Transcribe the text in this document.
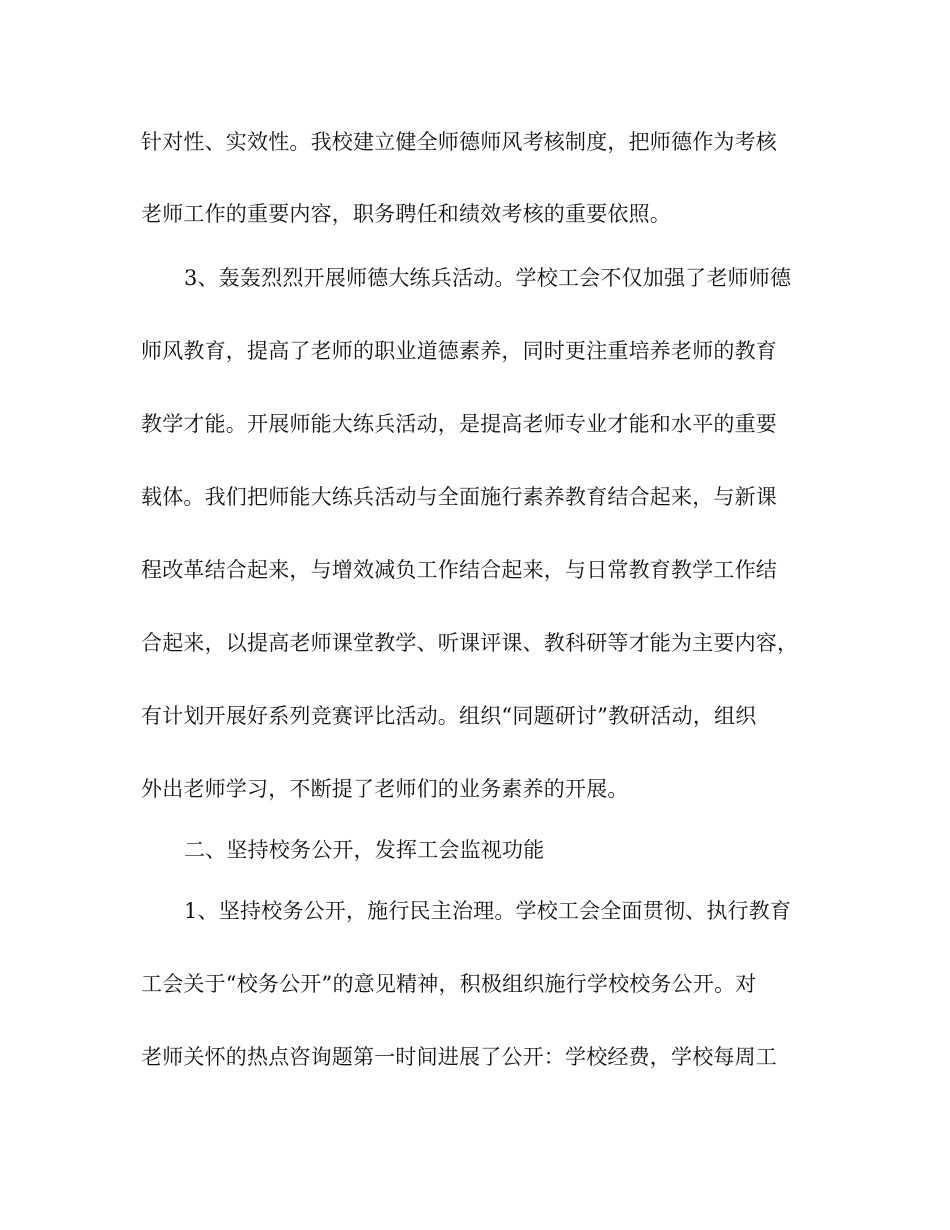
针对性、实效性。我校建立健全师德师风考核制度，把师德作为考核
老师工作的重要内容，职务聘任和绩效考核的重要依照。
3、轰轰烈烈开展师德大练兵活动。学校工会不仅加强了老师师德
师风教育，提高了老师的职业道德素养，同时更注重培养老师的教育
教学才能。开展师能大练兵活动，是提高老师专业才能和水平的重要
载体。我们把师能大练兵活动与全面施行素养教育结合起来，与新课
程改革结合起来，与增效减负工作结合起来，与日常教育教学工作结
合起来，以提高老师课堂教学、听课评课、教科研等才能为主要内容，
有计划开展好系列竞赛评比活动。组织“同题研讨”教研活动，组织
外出老师学习，不断提了老师们的业务素养的开展。
二、坚持校务公开，发挥工会监视功能
1、坚持校务公开，施行民主治理。学校工会全面贯彻、执行教育
工会关于“校务公开”的意见精神，积极组织施行学校校务公开。对
老师关怀的热点咨询题第一时间进展了公开：学校经费，学校每周工
